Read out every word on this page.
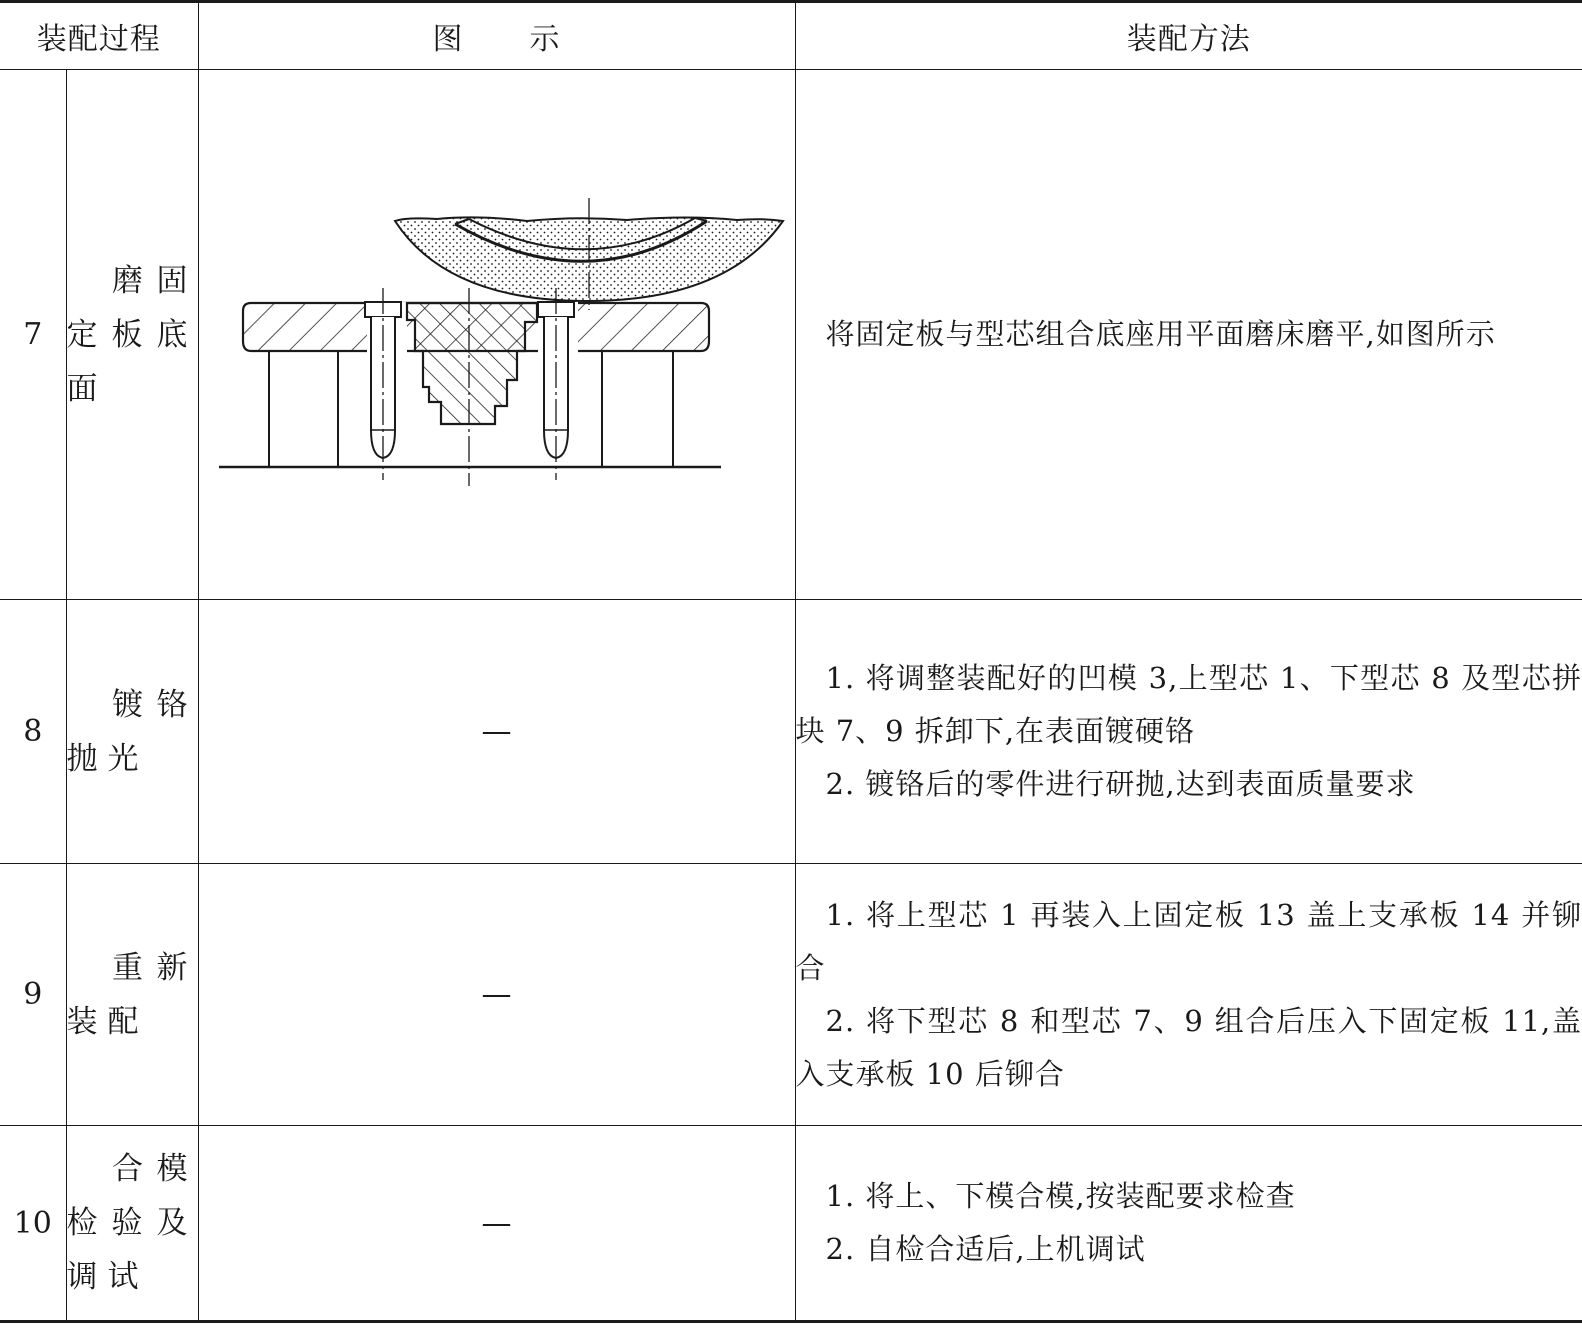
装配过程		图 示	装配方法
7	磨固定板底面		将固定板与型芯组合底座用平面磨床磨平,如图所示

8	镀铬抛光	—	1. 将调整装配好的凹模 3,上型芯 1、下型芯 8 及型芯拼块 7、9 拆卸下,在表面镀硬铬
2. 镀铬后的零件进行研抛,达到表面质量要求

9	重新装配	—	1. 将上型芯 1 再装入上固定板 13 盖上支承板 14 并铆合
2. 将下型芯 8 和型芯 7、9 组合后压入下固定板 11,盖入支承板 10 后铆合

10	合模检验及调试	—	1. 将上、下模合模,按装配要求检查
2. 自检合适后,上机调试
